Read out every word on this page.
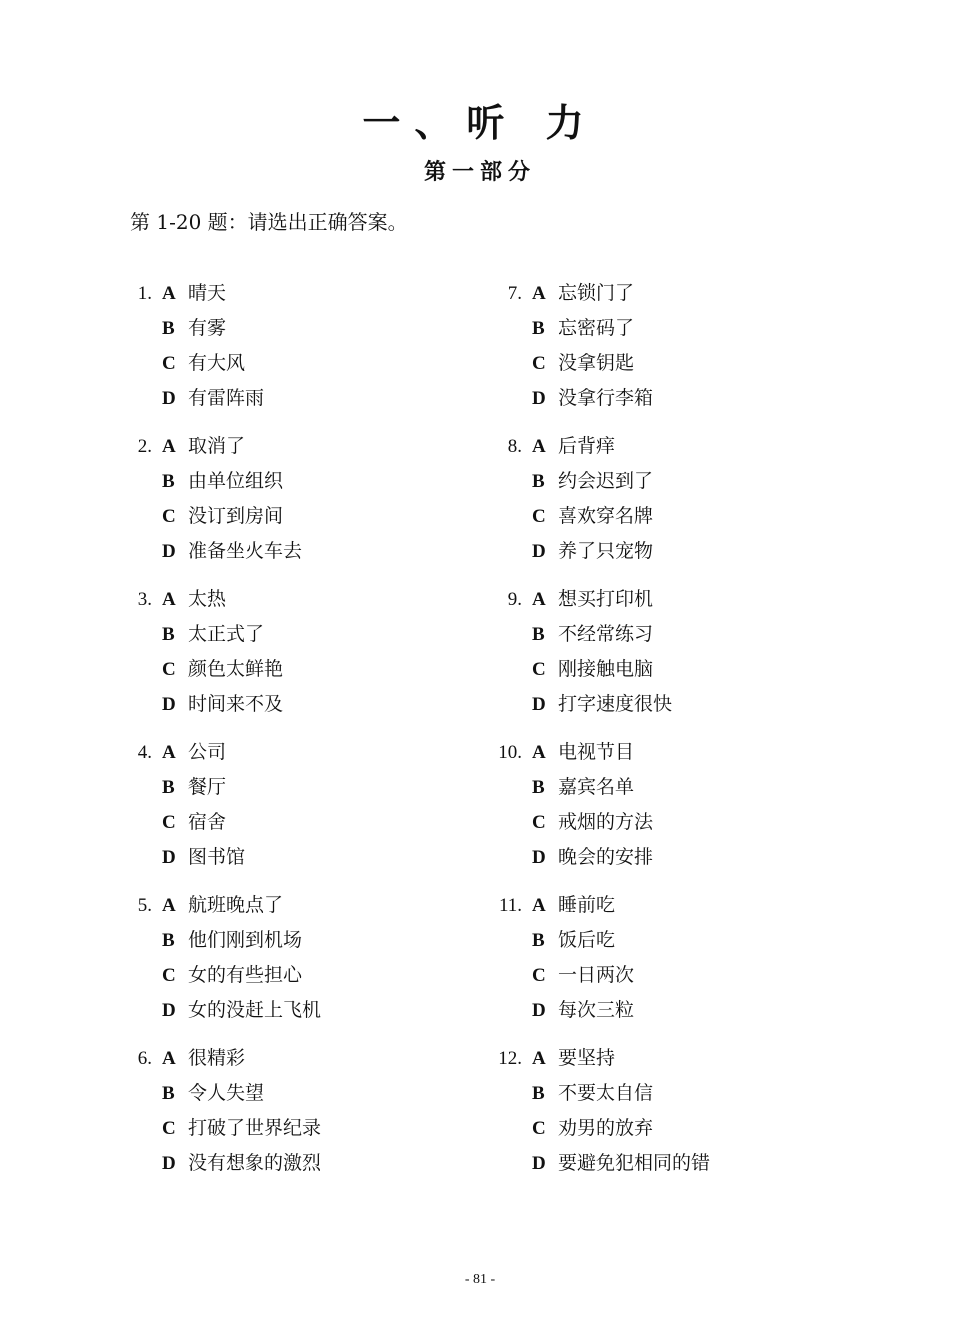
一、听 力
第一部分
第 1-20 题：请选出正确答案。
1. A 晴天
B 有雾
C 有大风
D 有雷阵雨
2. A 取消了
B 由单位组织
C 没订到房间
D 准备坐火车去
3. A 太热
B 太正式了
C 颜色太鲜艳
D 时间来不及
4. A 公司
B 餐厅
C 宿舍
D 图书馆
5. A 航班晚点了
B 他们刚到机场
C 女的有些担心
D 女的没赶上飞机
6. A 很精彩
B 令人失望
C 打破了世界纪录
D 没有想象的激烈
7. A 忘锁门了
B 忘密码了
C 没拿钥匙
D 没拿行李箱
8. A 后背痒
B 约会迟到了
C 喜欢穿名牌
D 养了只宠物
9. A 想买打印机
B 不经常练习
C 刚接触电脑
D 打字速度很快
10. A 电视节目
B 嘉宾名单
C 戒烟的方法
D 晚会的安排
11. A 睡前吃
B 饭后吃
C 一日两次
D 每次三粒
12. A 要坚持
B 不要太自信
C 劝男的放弃
D 要避免犯相同的错
- 81 -
